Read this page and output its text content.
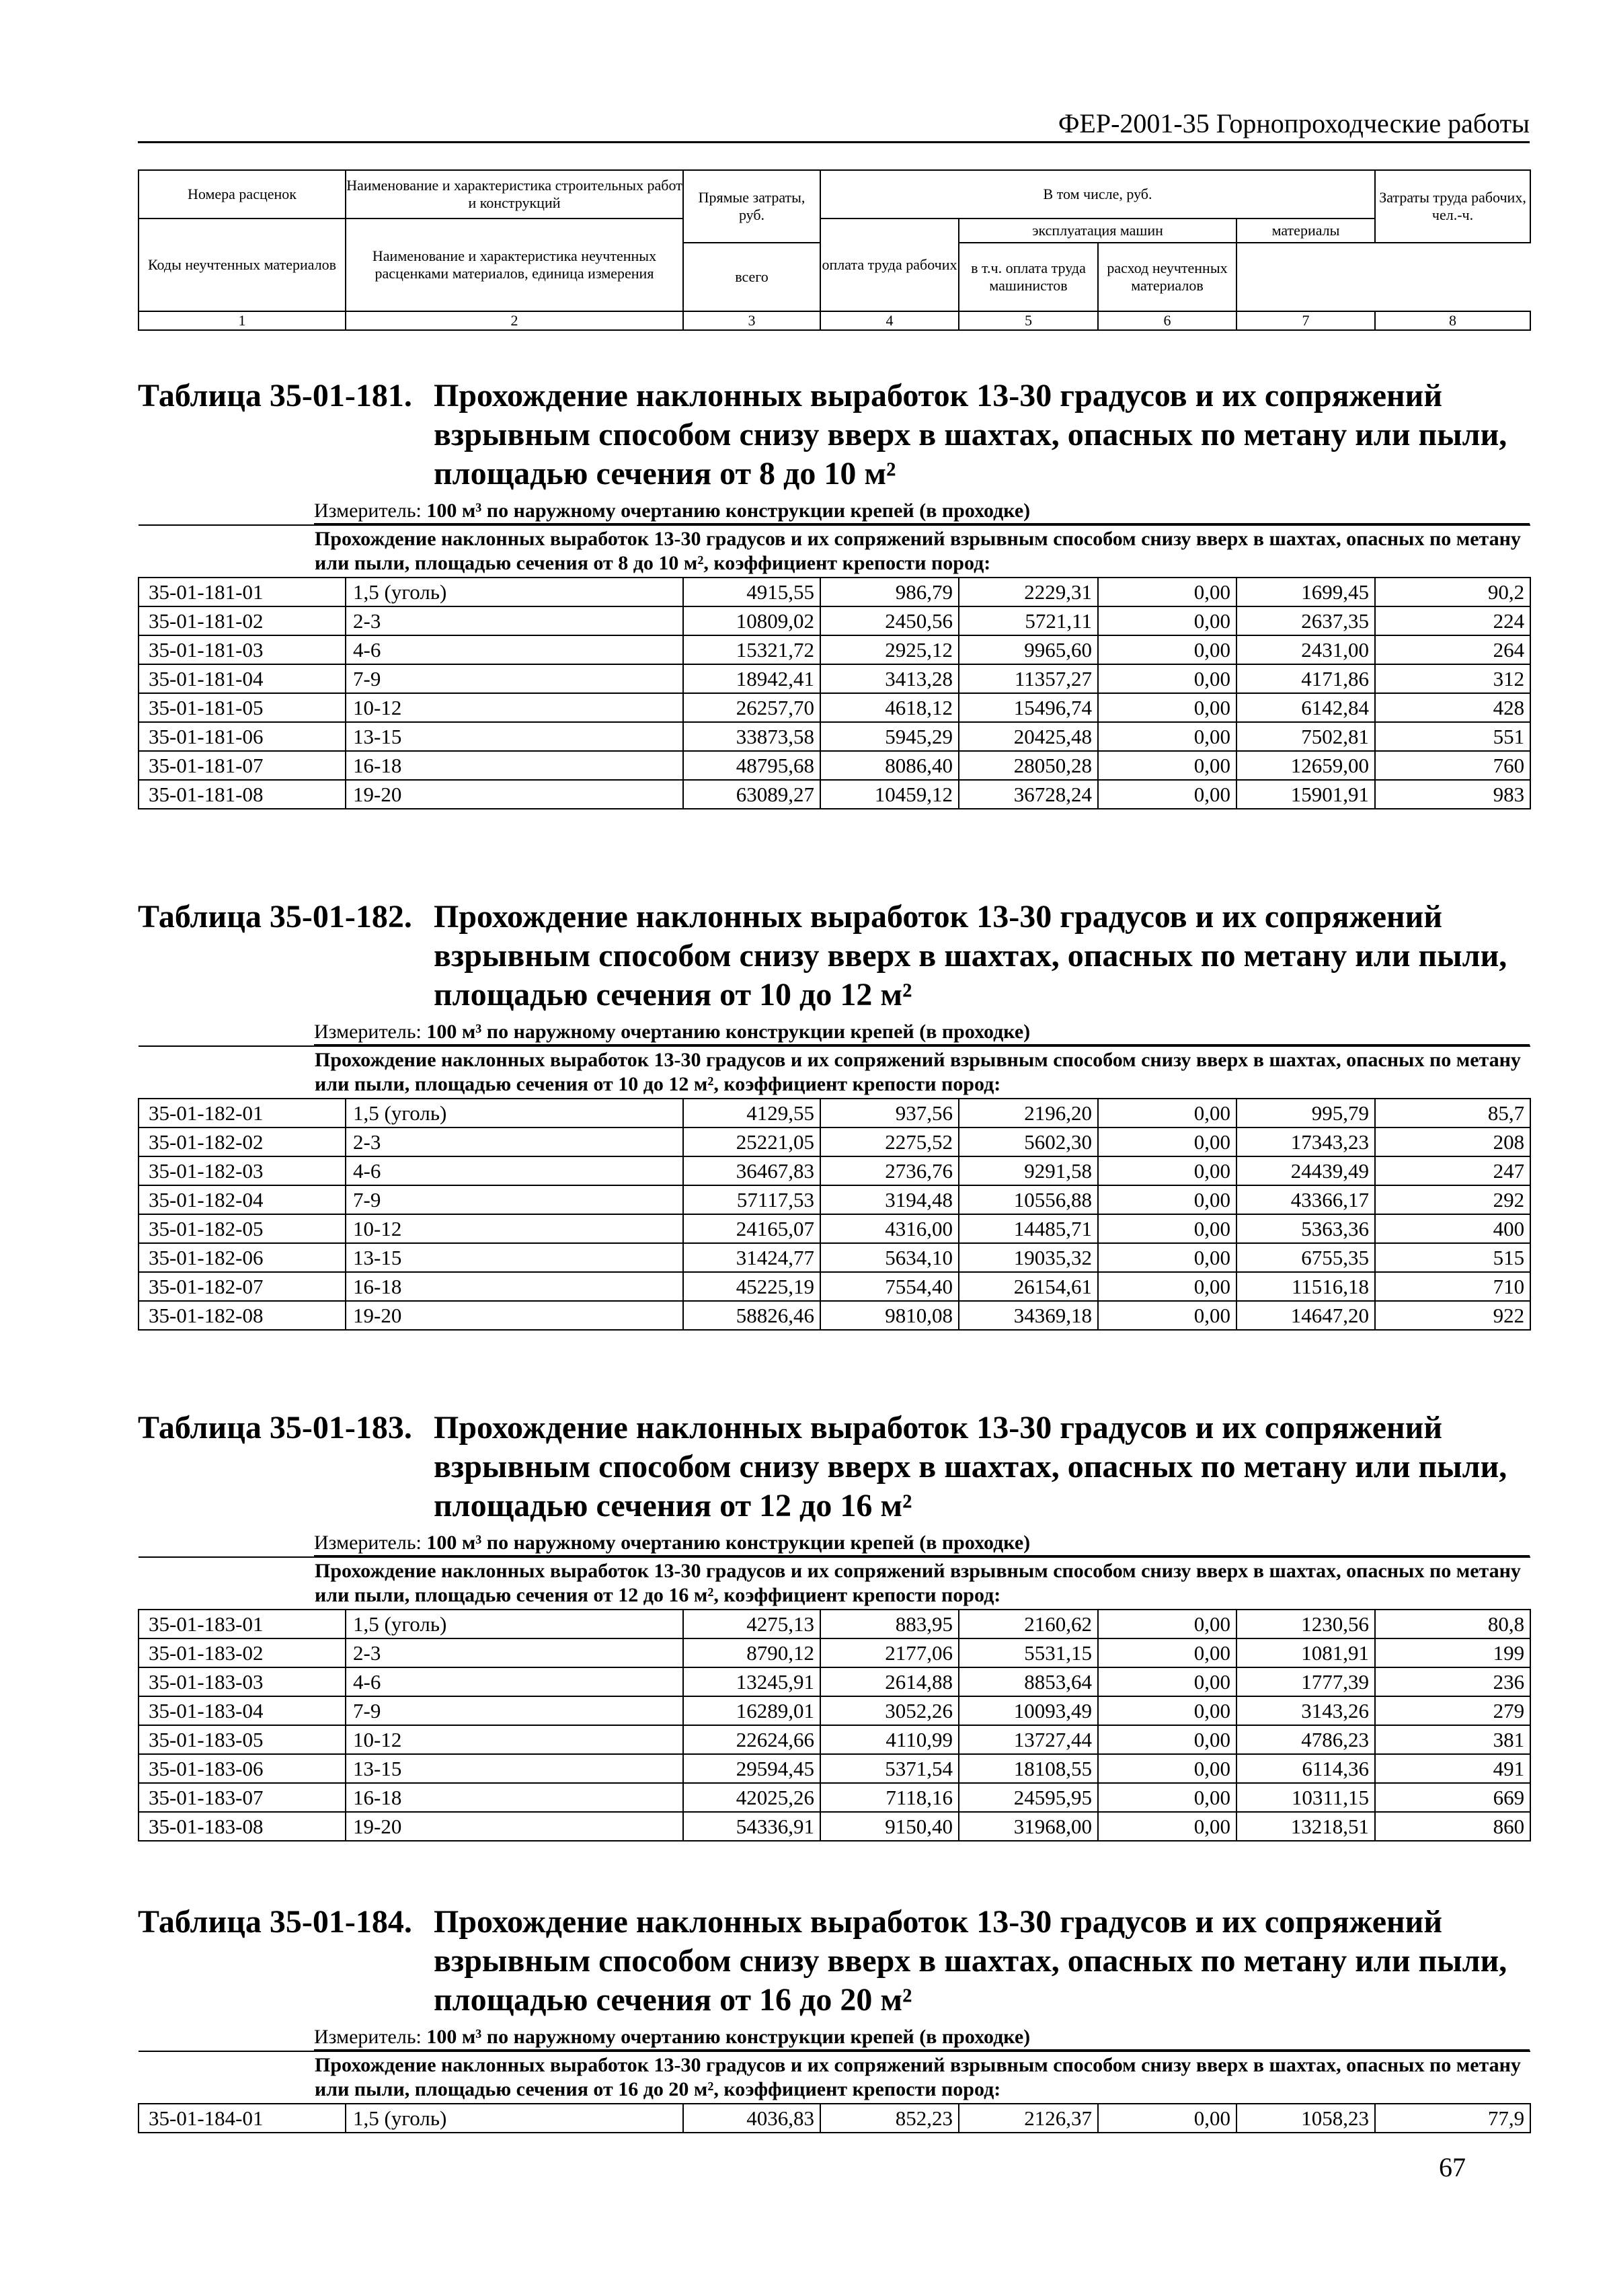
ФЕР-2001-35 Горнопроходческие работы
Номера расценок	Наименование и характеристика строительных работ и конструкций	Прямые затраты, руб.	В том числе, руб.				Затраты труда рабочих, чел.-ч.
Коды неучтенных материалов	Наименование и характеристика неучтенных расценками материалов, единица измерения		оплата труда рабочих	эксплуатация машин		материалы	
		всего		в т.ч. оплата труда машинистов	расход неучтенных материалов		
1	2	3	4	5	6	7	8
Таблица 35-01-181. Прохождение наклонных выработок 13-30 градусов и их сопряжений взрывным способом снизу вверх в шахтах, опасных по метану или пыли, площадью сечения от 8 до 10 м²
Измеритель: 100 м³ по наружному очертанию конструкции крепей (в проходке)
Прохождение наклонных выработок 13-30 градусов и их сопряжений взрывным способом снизу вверх в шахтах, опасных по метану или пыли, площадью сечения от 8 до 10 м², коэффициент крепости пород:							
35-01-181-01	1,5 (уголь)	4915,55	986,79	2229,31	0,00	1699,45	90,2
35-01-181-02	2-3	10809,02	2450,56	5721,11	0,00	2637,35	224
35-01-181-03	4-6	15321,72	2925,12	9965,60	0,00	2431,00	264
35-01-181-04	7-9	18942,41	3413,28	11357,27	0,00	4171,86	312
35-01-181-05	10-12	26257,70	4618,12	15496,74	0,00	6142,84	428
35-01-181-06	13-15	33873,58	5945,29	20425,48	0,00	7502,81	551
35-01-181-07	16-18	48795,68	8086,40	28050,28	0,00	12659,00	760
35-01-181-08	19-20	63089,27	10459,12	36728,24	0,00	15901,91	983
Таблица 35-01-182. Прохождение наклонных выработок 13-30 градусов и их сопряжений взрывным способом снизу вверх в шахтах, опасных по метану или пыли, площадью сечения от 10 до 12 м²
Измеритель: 100 м³ по наружному очертанию конструкции крепей (в проходке)
Прохождение наклонных выработок 13-30 градусов и их сопряжений взрывным способом снизу вверх в шахтах, опасных по метану или пыли, площадью сечения от 10 до 12 м², коэффициент крепости пород:							
35-01-182-01	1,5 (уголь)	4129,55	937,56	2196,20	0,00	995,79	85,7
35-01-182-02	2-3	25221,05	2275,52	5602,30	0,00	17343,23	208
35-01-182-03	4-6	36467,83	2736,76	9291,58	0,00	24439,49	247
35-01-182-04	7-9	57117,53	3194,48	10556,88	0,00	43366,17	292
35-01-182-05	10-12	24165,07	4316,00	14485,71	0,00	5363,36	400
35-01-182-06	13-15	31424,77	5634,10	19035,32	0,00	6755,35	515
35-01-182-07	16-18	45225,19	7554,40	26154,61	0,00	11516,18	710
35-01-182-08	19-20	58826,46	9810,08	34369,18	0,00	14647,20	922
Таблица 35-01-183. Прохождение наклонных выработок 13-30 градусов и их сопряжений взрывным способом снизу вверх в шахтах, опасных по метану или пыли, площадью сечения от 12 до 16 м²
Измеритель: 100 м³ по наружному очертанию конструкции крепей (в проходке)
Прохождение наклонных выработок 13-30 градусов и их сопряжений взрывным способом снизу вверх в шахтах, опасных по метану или пыли, площадью сечения от 12 до 16 м², коэффициент крепости пород:							
35-01-183-01	1,5 (уголь)	4275,13	883,95	2160,62	0,00	1230,56	80,8
35-01-183-02	2-3	8790,12	2177,06	5531,15	0,00	1081,91	199
35-01-183-03	4-6	13245,91	2614,88	8853,64	0,00	1777,39	236
35-01-183-04	7-9	16289,01	3052,26	10093,49	0,00	3143,26	279
35-01-183-05	10-12	22624,66	4110,99	13727,44	0,00	4786,23	381
35-01-183-06	13-15	29594,45	5371,54	18108,55	0,00	6114,36	491
35-01-183-07	16-18	42025,26	7118,16	24595,95	0,00	10311,15	669
35-01-183-08	19-20	54336,91	9150,40	31968,00	0,00	13218,51	860
Таблица 35-01-184. Прохождение наклонных выработок 13-30 градусов и их сопряжений взрывным способом снизу вверх в шахтах, опасных по метану или пыли, площадью сечения от 16 до 20 м²
Измеритель: 100 м³ по наружному очертанию конструкции крепей (в проходке)
Прохождение наклонных выработок 13-30 градусов и их сопряжений взрывным способом снизу вверх в шахтах, опасных по метану или пыли, площадью сечения от 16 до 20 м², коэффициент крепости пород:
35-01-184-01	1,5 (уголь)	4036,83	852,23	2126,37	0,00	1058,23	77,9
67
